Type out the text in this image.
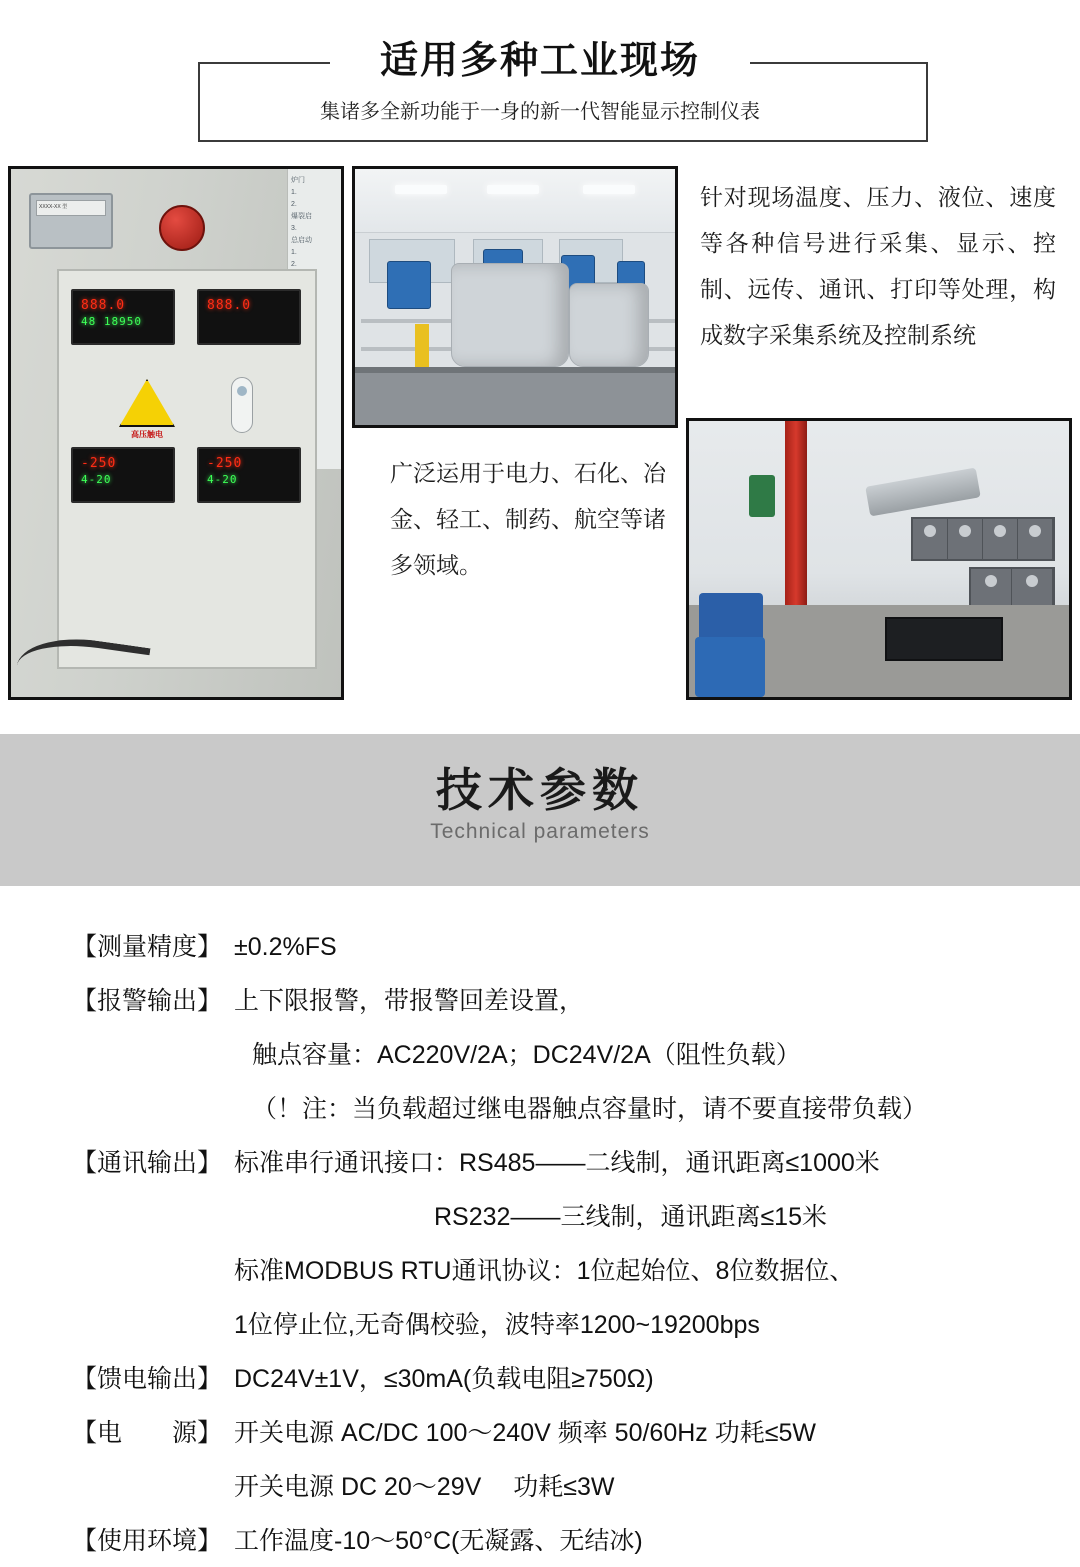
适用多种工业现场
集诸多全新功能于一身的新一代智能显示控制仪表
炉门
1.
2.
爆裂启
3.
总启动
1.
2.

XXXX-XX 型
888.0
48 18950
888.0
高压触电
-250
4-20
-250
4-20
针对现场温度、压力、液位、速度等各种信号进行采集、显示、控制、远传、通讯、打印等处理，构成数字采集系统及控制系统
广泛运用于电力、石化、冶金、轻工、制药、航空等诸多领域。
技术参数
Technical parameters
【测量精度】 ±0.2%FS
【报警输出】 上下限报警，带报警回差设置，
触点容量：AC220V/2A；DC24V/2A（阻性负载）
（！注：当负载超过继电器触点容量时，请不要直接带负载）
【通讯输出】 标准串行通讯接口：RS485——二线制，通讯距离≤1000米
RS232——三线制，通讯距离≤15米
标准MODBUS RTU通讯协议：1位起始位、8位数据位、
1位停止位,无奇偶校验，波特率1200~19200bps
【馈电输出】 DC24V±1V，≤30mA(负载电阻≥750Ω)
【电　　源】 开关电源 AC/DC 100～240V 频率 50/60Hz 功耗≤5W
开关电源 DC 20～29V　 功耗≤3W
【使用环境】 工作温度-10～50°C(无凝露、无结冰)
